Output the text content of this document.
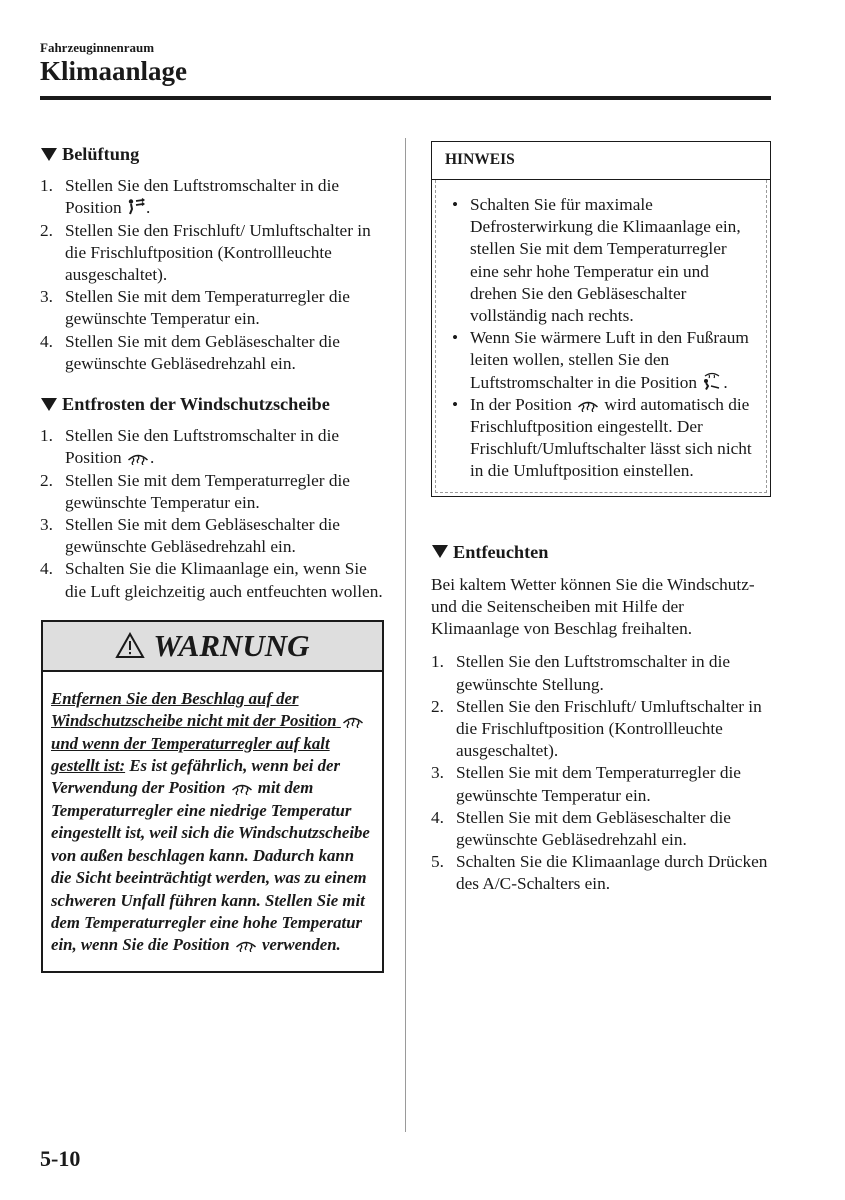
Fahrzeuginnenraum
Klimaanlage
Belüftung
1. Stellen Sie den Luftstromschalter in die Position .
2. Stellen Sie den Frischluft/ Umluftschalter in die Frischluftposition (Kontrollleuchte ausgeschaltet).
3. Stellen Sie mit dem Temperaturregler die gewünschte Temperatur ein.
4. Stellen Sie mit dem Gebläseschalter die gewünschte Gebläsedrehzahl ein.
Entfrosten der Windschutzscheibe
1. Stellen Sie den Luftstromschalter in die Position .
2. Stellen Sie mit dem Temperaturregler die gewünschte Temperatur ein.
3. Stellen Sie mit dem Gebläseschalter die gewünschte Gebläsedrehzahl ein.
4. Schalten Sie die Klimaanlage ein, wenn Sie die Luft gleichzeitig auch entfeuchten wollen.
WARNUNG
Entfernen Sie den Beschlag auf der Windschutzscheibe nicht mit der Position  und wenn der Temperaturregler auf kalt gestellt ist: Es ist gefährlich, wenn bei der Verwendung der Position mit dem Temperaturregler eine niedrige Temperatur eingestellt ist, weil sich die Windschutzscheibe von außen beschlagen kann. Dadurch kann die Sicht beeinträchtigt werden, was zu einem schweren Unfall führen kann. Stellen Sie mit dem Temperaturregler eine hohe Temperatur ein, wenn Sie die Position verwenden.
HINWEIS
• Schalten Sie für maximale Defrosterwirkung die Klimaanlage ein, stellen Sie mit dem Temperaturregler eine sehr hohe Temperatur ein und drehen Sie den Gebläseschalter vollständig nach rechts.
• Wenn Sie wärmere Luft in den Fußraum leiten wollen, stellen Sie den Luftstromschalter in die Position .
• In der Position  wird automatisch die Frischluftposition eingestellt. Der Frischluft/Umluftschalter lässt sich nicht in die Umluftposition einstellen.
Entfeuchten
Bei kaltem Wetter können Sie die Windschutz- und die Seitenscheiben mit Hilfe der Klimaanlage von Beschlag freihalten.
1. Stellen Sie den Luftstromschalter in die gewünschte Stellung.
2. Stellen Sie den Frischluft/ Umluftschalter in die Frischluftposition (Kontrollleuchte ausgeschaltet).
3. Stellen Sie mit dem Temperaturregler die gewünschte Temperatur ein.
4. Stellen Sie mit dem Gebläseschalter die gewünschte Gebläsedrehzahl ein.
5. Schalten Sie die Klimaanlage durch Drücken des A/C-Schalters ein.
5-10
